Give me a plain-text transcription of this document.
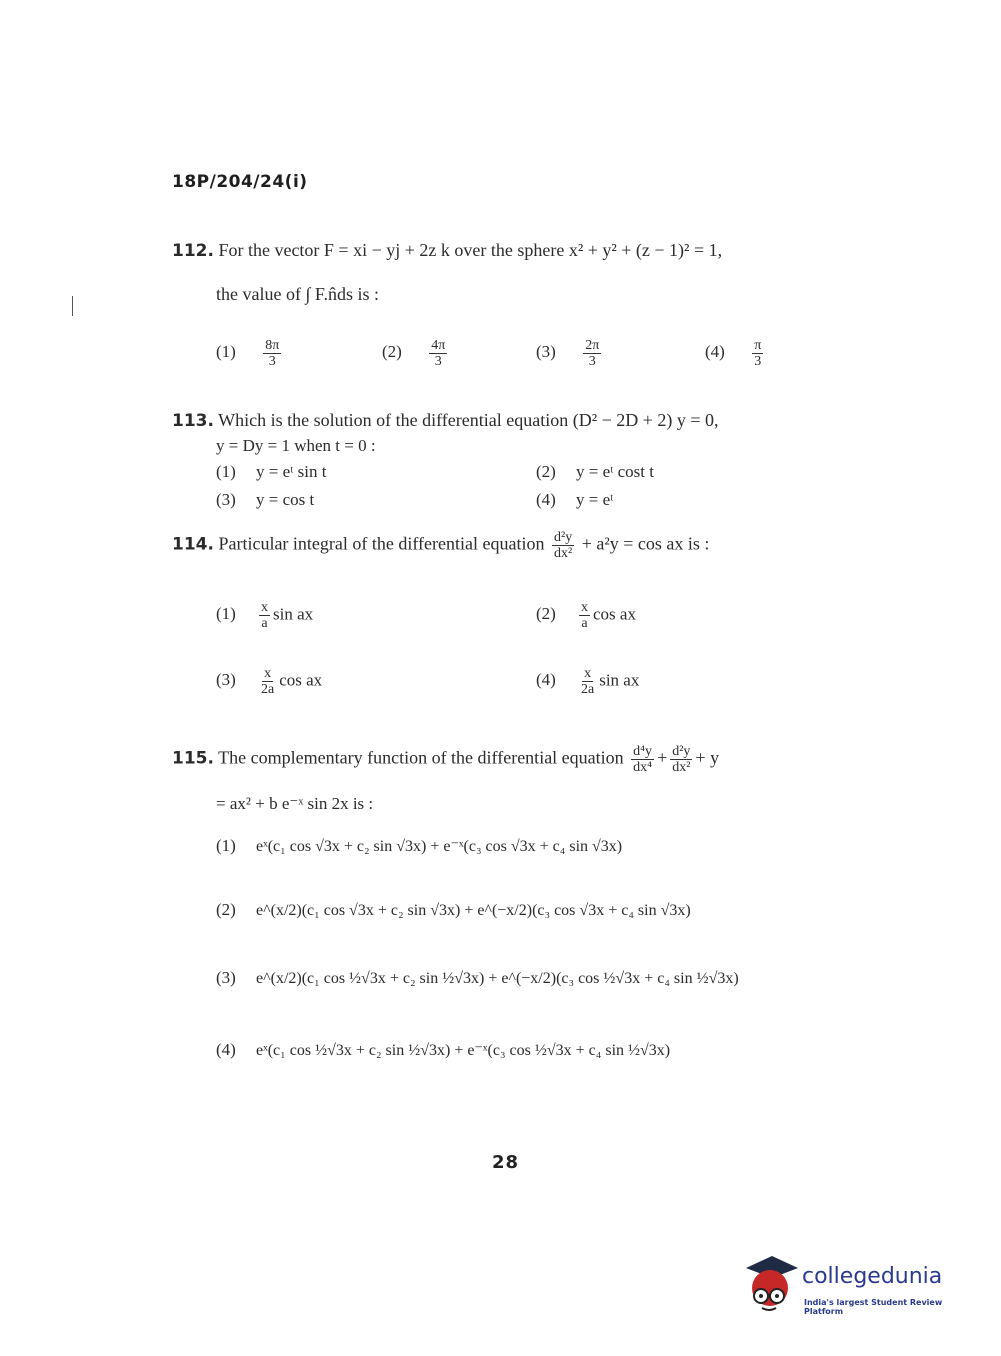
18P/204/24(i)
112. For the vector F = xi − yj + 2z k over the sphere x² + y² + (z − 1)² = 1,
the value of ∫ F.n̂ds is :
$(1) \frac{8\pi}{3}$	$(2) \frac{4\pi}{3}$	$(3) \frac{2\pi}{3}$	$(4) \frac{\pi}{3}$
113. Which is the solution of the differential equation (D² − 2D + 2) y = 0,
y = Dy = 1 when t = 0 :
(1) y = eᵗ sin t	(2) y = eᵗ cost t
(3) y = cos t	(4) y = eᵗ
114. Particular integral of the differential equation $\frac{\text{d²y}}{\text{dx²}} + a^2y = \cos$ ax is :
$(1) \frac{x}{a}$ sin ax	$(2) \frac{x}{a}$ cos ax
$(3) \frac{x}{2a}$ cos ax	$(4) \frac{x}{2a}$ sin ax
115. The complementary function of the differential equation $\frac{\text{d⁴y}}{\text{dx⁴}} + \frac{\text{d²y}}{\text{dx²}} + y$
= ax² + b e⁻ˣ sin 2x is :
(1) eˣ(c₁ cos √3x + c₂ sin √3x) + e⁻ˣ(c₃ cos √3x + c₄ sin √3x)
(2) e^(x/2)(c₁ cos √3x + c₂ sin √3x) + e^(−x/2)(c₃ cos √3x + c₄ sin √3x)
(3) e^(x/2)(c₁ cos ½√3x + c₂ sin ½√3x) + e^(−x/2)(c₃ cos ½√3x + c₄ sin ½√3x)
(4) eˣ(c₁ cos ½√3x + c₂ sin ½√3x) + e⁻ˣ(c₃ cos ½√3x + c₄ sin ½√3x)
28
collegedunia
India's largest Student Review Platform
